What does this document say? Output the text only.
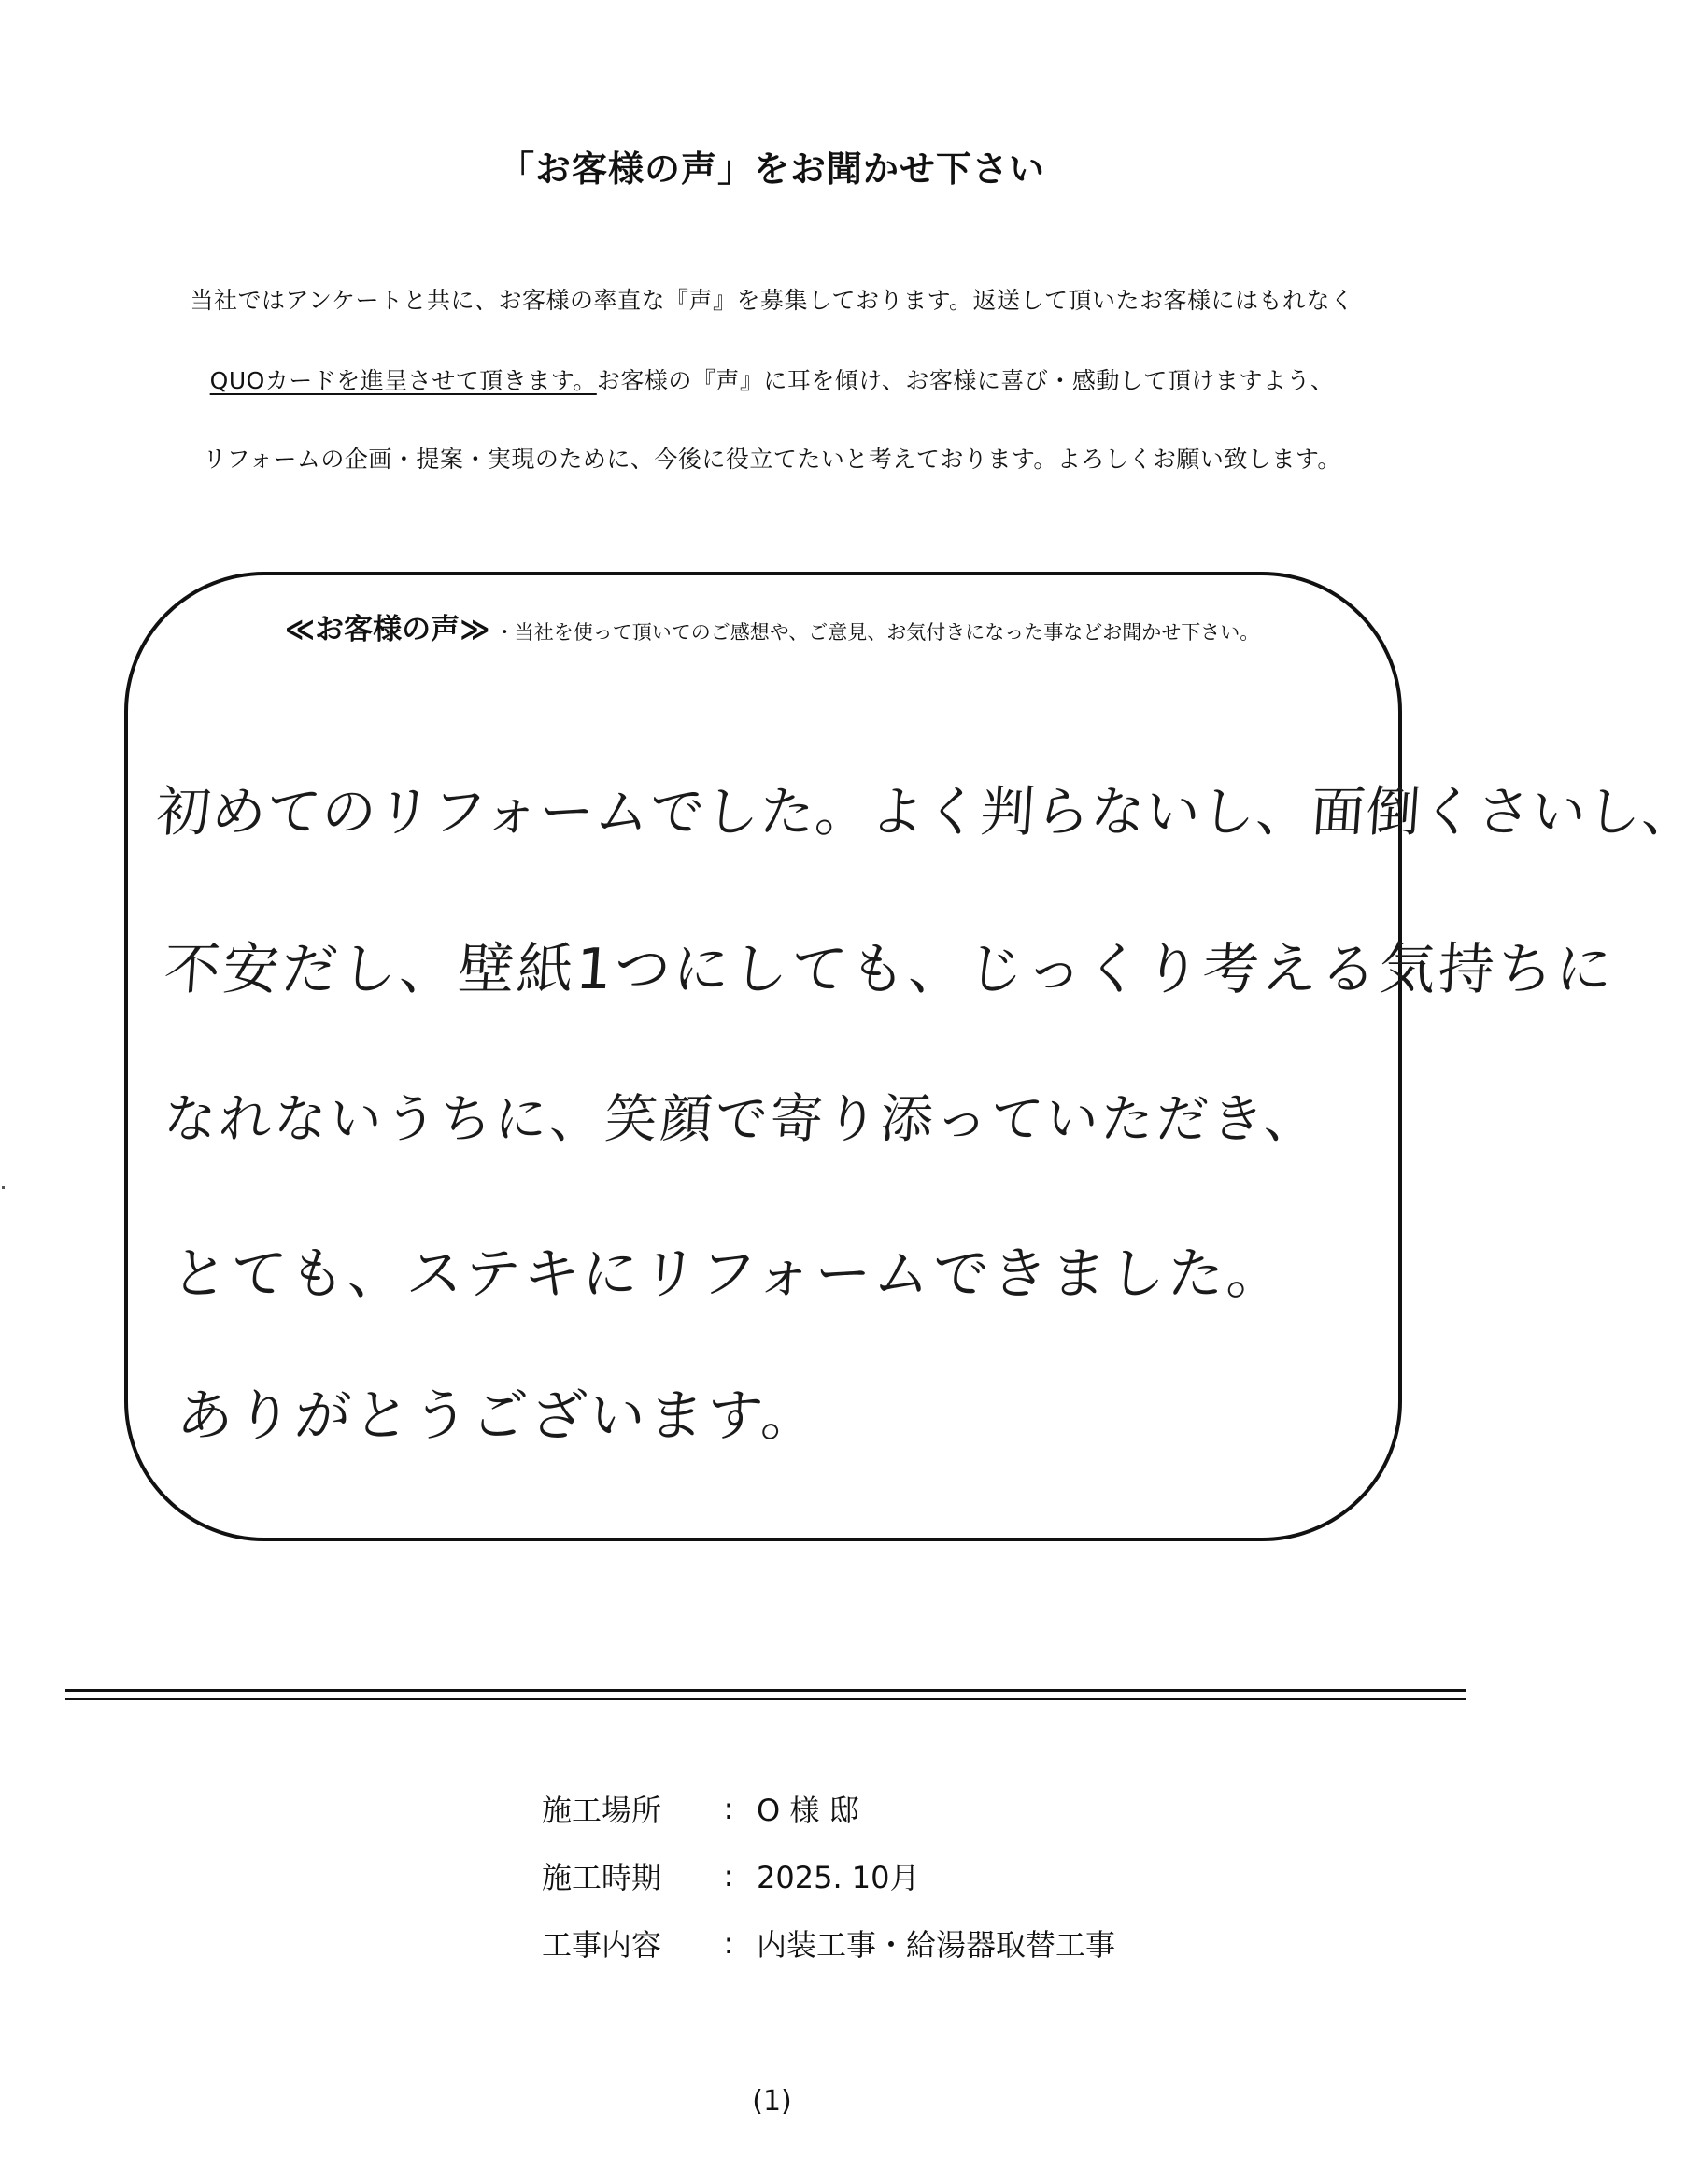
「お客様の声」をお聞かせ下さい
当社ではアンケートと共に、お客様の率直な『声』を募集しております。返送して頂いたお客様にはもれなく
QUOカードを進呈させて頂きます。お客様の『声』に耳を傾け、お客様に喜び・感動して頂けますよう、
リフォームの企画・提案・実現のために、今後に役立てたいと考えております。よろしくお願い致します。
≪お客様の声≫ ・当社を使って頂いてのご感想や、ご意見、お気付きになった事などお聞かせ下さい。
初めてのリフォームでした。よく判らないし、面倒くさいし、
不安だし、壁紙1つにしても、じっくり考える気持ちに
なれないうちに、笑顔で寄り添っていただき、
とても、ステキにリフォームできました。
ありがとうございます。
施工場所	: O 様 邸
施工時期	: 2025. 10月
工事内容	: 内装工事・給湯器取替工事
(1)
